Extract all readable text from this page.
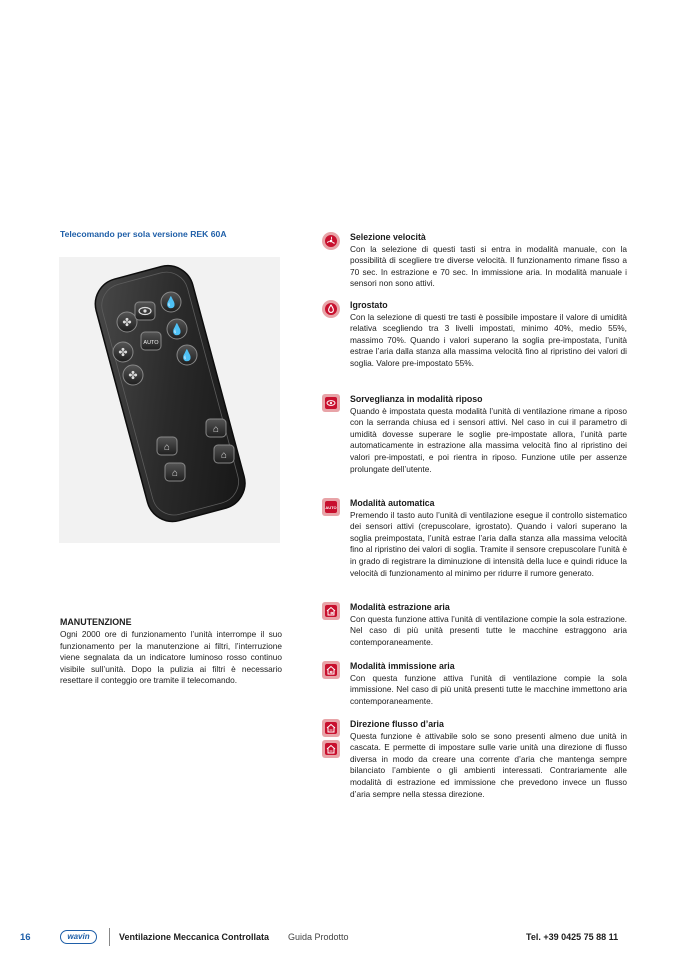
Telecomando per sola versione REK 60A
✤
💧
✤
AUTO
💧
✤
💧
⌂
⌂
⌂
⌂
MANUTENZIONE
Ogni 2000 ore di funzionamento l’unità interrompe il suo funzionamento per la manutenzione ai filtri, l’interruzione viene segnalata da un indicatore luminoso rosso continuo visibile sull’unità. Dopo la pulizia ai filtri è necessario resettare il conteggio ore tramite il telecomando.
Selezione velocità
Con la selezione di questi tasti si entra in modalità manuale, con la possibilità di scegliere tre diverse velocità. Il funzionamento rimane fisso a 70 sec. In estrazione e 70 sec. In immissione aria. In modalità manuale i sensori non sono attivi.
Igrostato
Con la selezione di questi tre tasti è possibile impostare il valore di umidità relativa scegliendo tra 3 livelli impostati, minimo 40%, medio 55%, massimo 70%. Quando i valori superano la soglia pre-impostata, l’unità estrae l’aria dalla stanza alla massima velocità fino al ripristino dei valori di soglia. Valore pre-impostato 55%.
Sorveglianza in modalità riposo
Quando è impostata questa modalità l’unità di ventilazione rimane a riposo con la serranda chiusa ed i sensori attivi. Nel caso in cui il parametro di umidità dovesse superare le soglie pre-impostate allora, l’unità parte automaticamente in estrazione alla massima velocità fino al ripristino dei valori pre-impostati, e poi rientra in riposo. Funzione utile per assenze prolungate dell’utente.
AUTO Modalità automatica
Premendo il tasto auto l’unità di ventilazione esegue il controllo sistematico dei sensori attivi (crepuscolare, igrostato). Quando i valori superano la soglia preimpostata, l’unità estrae l’aria dalla stanza alla massima velocità fino al ripristino dei valori di soglia. Tramite il sensore crepuscolare l’unità è in grado di registrare la diminuzione di intensità della luce e quindi riduce la velocità di funzionamento al minimo per ridurre il rumore generato.
Modalità estrazione aria
Con questa funzione attiva l’unità di ventilazione compie la sola estrazione. Nel caso di più unità presenti tutte le macchine estraggono aria contemporaneamente.
Modalità immissione aria
Con questa funzione attiva l’unità di ventilazione compie la sola immissione. Nel caso di più unità presenti tutte le macchine immettono aria contemporaneamente.
Direzione flusso d’aria
Questa funzione è attivabile solo se sono presenti almeno due unità in cascata. E permette di impostare sulle varie unità una direzione di flusso diversa in modo da creare una corrente d’aria che mantenga sempre bilanciato l’ambiente o gli ambienti interessati. Contrariamente alle modalità di estrazione ed immissione che prevedono invece un flusso d’aria sempre nella stessa direzione.
16	wavin	Ventilazione Meccanica Controllata Guida Prodotto	Tel. +39 0425 75 88 11
